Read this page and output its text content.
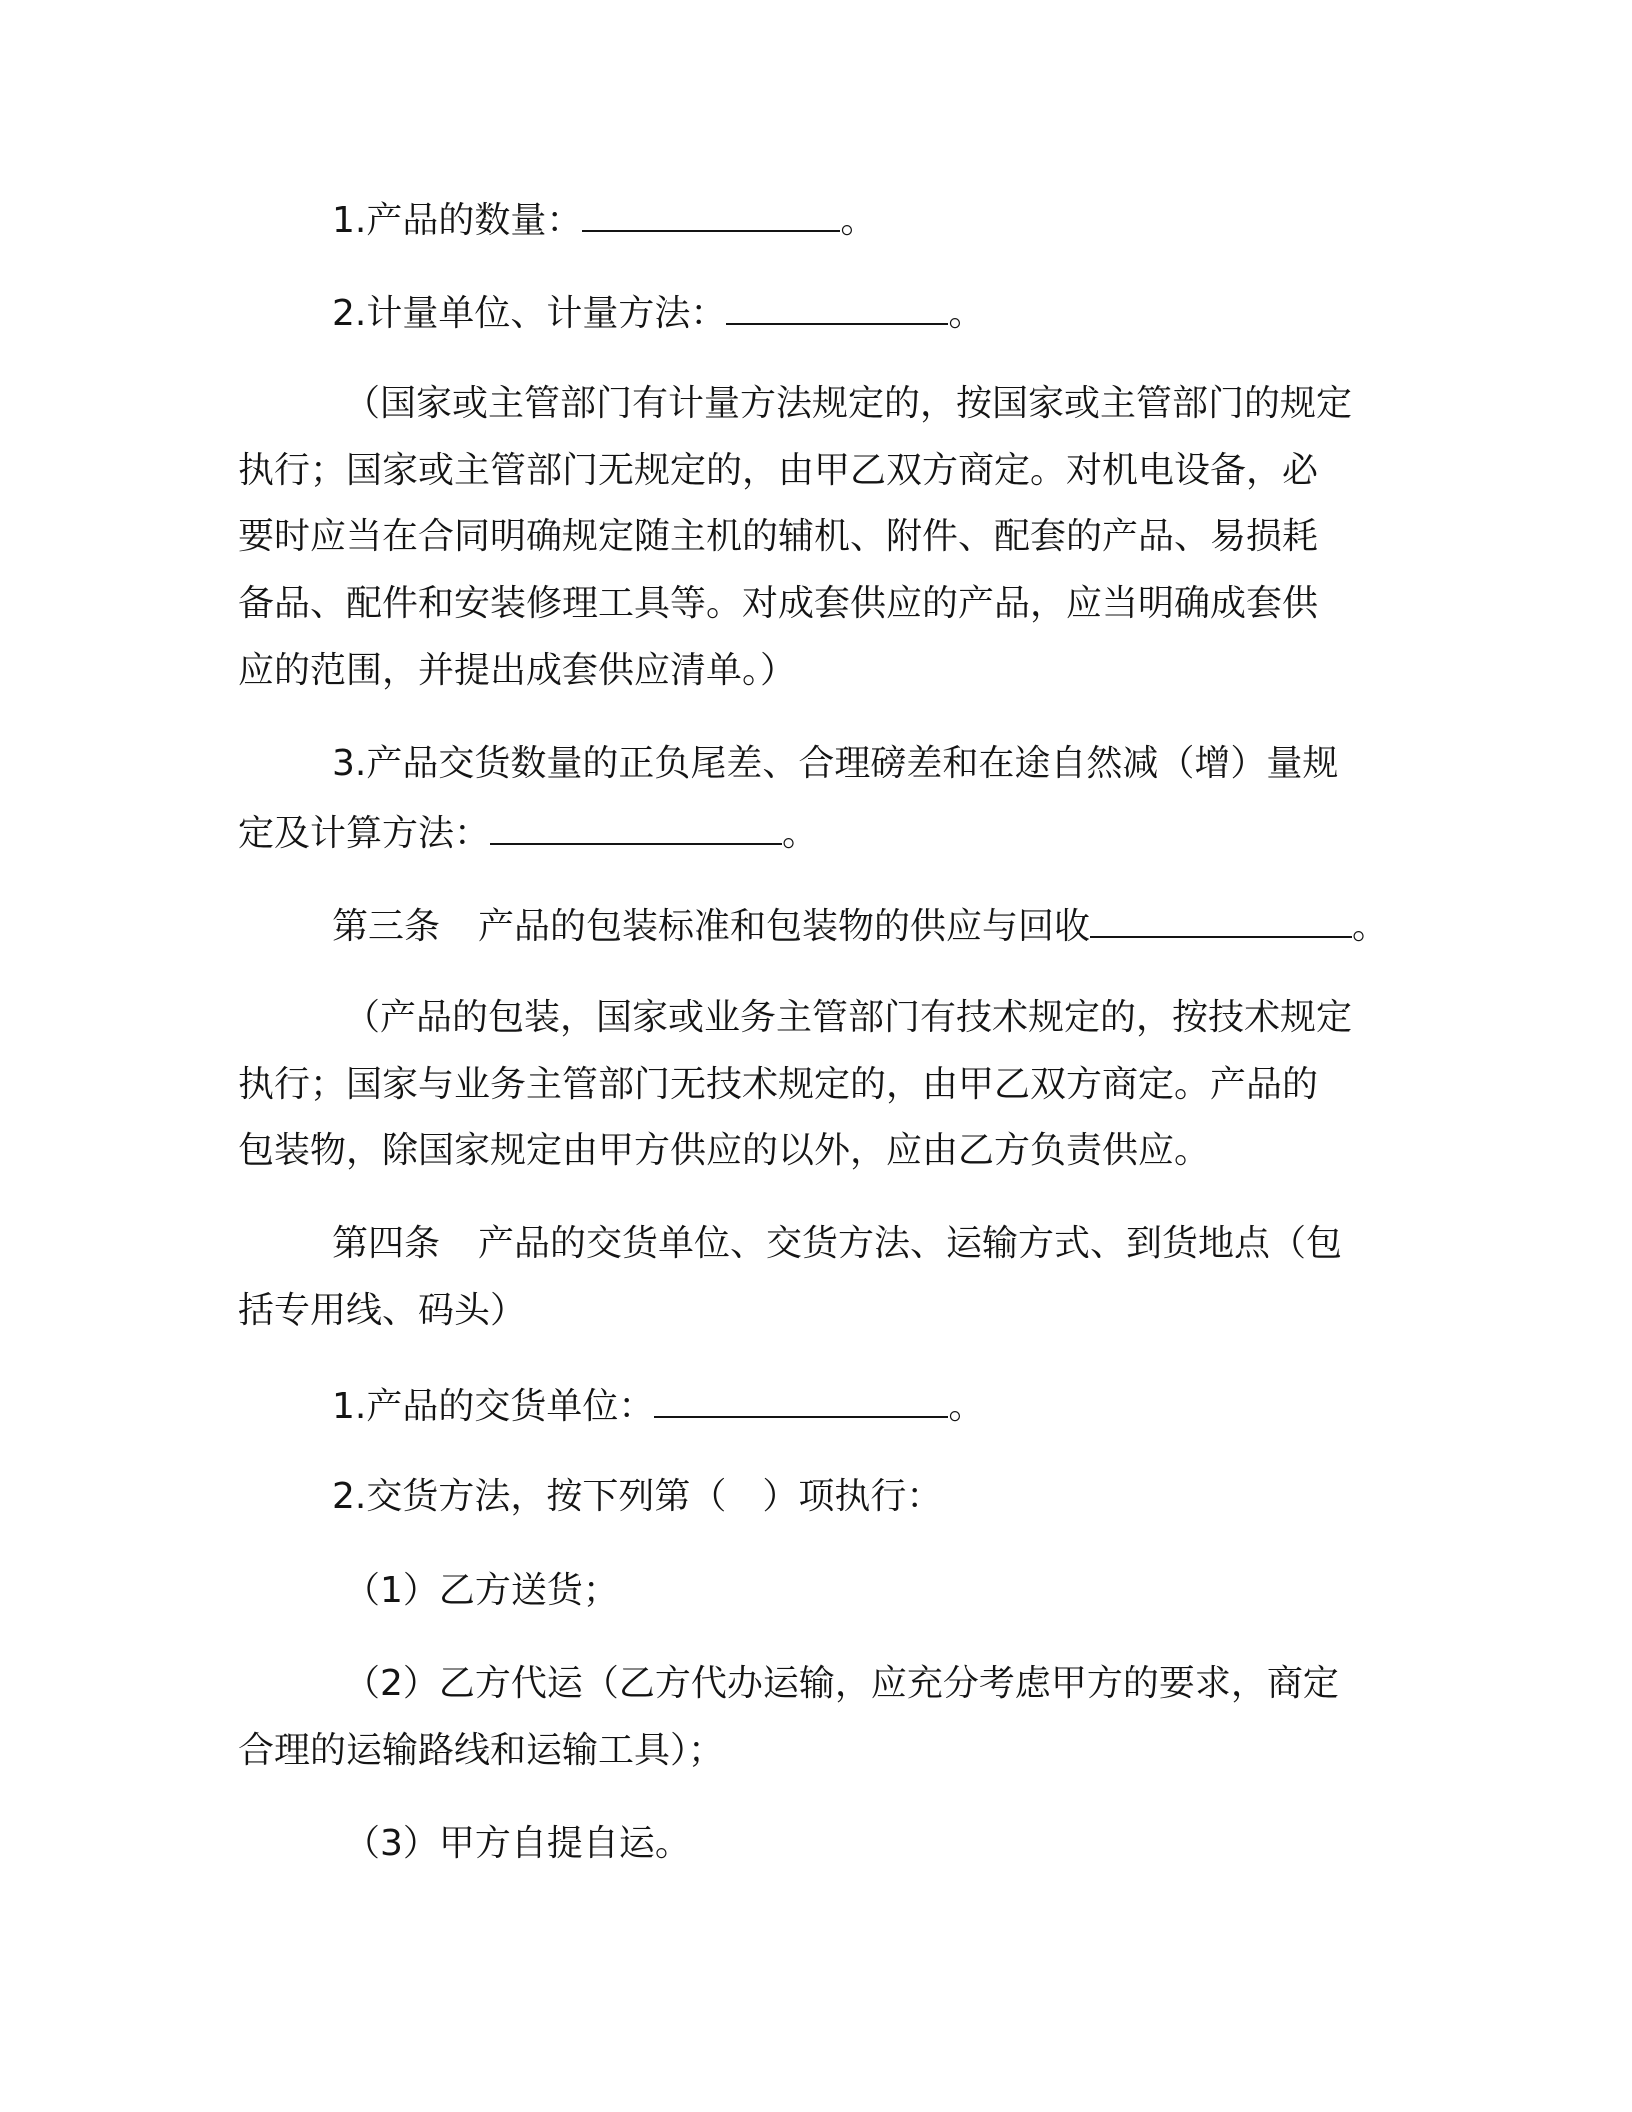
1.产品的数量：	。
2.计量单位、计量方法：	。
（国家或主管部门有计量方法规定的，按国家或主管部门的规定
执行；国家或主管部门无规定的，由甲乙双方商定。对机电设备，必
要时应当在合同明确规定随主机的辅机、附件、配套的产品、易损耗
备品、配件和安装修理工具等。对成套供应的产品，应当明确成套供
应的范围，并提出成套供应清单。）
3.产品交货数量的正负尾差、合理磅差和在途自然减（增）量规
定及计算方法：	。
第三条 产品的包装标准和包装物的供应与回收	。
（产品的包装，国家或业务主管部门有技术规定的，按技术规定
执行；国家与业务主管部门无技术规定的，由甲乙双方商定。产品的
包装物，除国家规定由甲方供应的以外，应由乙方负责供应。
第四条 产品的交货单位、交货方法、运输方式、到货地点（包
括专用线、码头）
1.产品的交货单位：	。
2.交货方法，按下列第（　）项执行：
（1）乙方送货；
（2）乙方代运（乙方代办运输，应充分考虑甲方的要求，商定
合理的运输路线和运输工具）；
（3）甲方自提自运。
